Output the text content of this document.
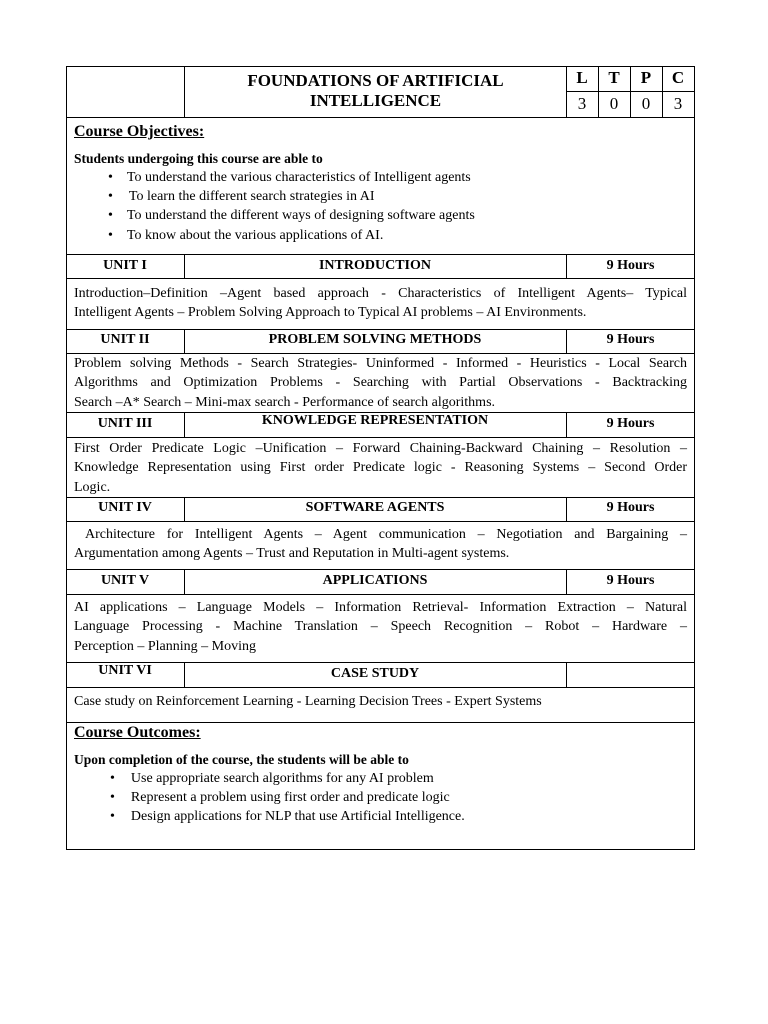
FOUNDATIONS OF ARTIFICIAL
INTELLIGENCE
L	T	P	C
3	0	0	3
Course Objectives:
Students undergoing this course are able to
• To understand the various characteristics of Intelligent agents
• To learn the different search strategies in AI
• To understand the different ways of designing software agents
• To know about the various applications of AI.
UNIT I	INTRODUCTION	9 Hours
Introduction–Definition –Agent based approach - Characteristics of Intelligent Agents– Typical
Intelligent Agents – Problem Solving Approach to Typical AI problems – AI Environments.
UNIT II	PROBLEM SOLVING METHODS	9 Hours
Problem solving Methods - Search Strategies- Uninformed - Informed - Heuristics - Local Search
Algorithms and Optimization Problems - Searching with Partial Observations - Backtracking
Search –A* Search – Mini-max search - Performance of search algorithms.
UNIT III	KNOWLEDGE REPRESENTATION	9 Hours
First Order Predicate Logic –Unification – Forward Chaining-Backward Chaining – Resolution –
Knowledge Representation using First order Predicate logic - Reasoning Systems – Second Order
Logic.
UNIT IV	SOFTWARE AGENTS	9 Hours
Architecture for Intelligent Agents – Agent communication – Negotiation and Bargaining –
Argumentation among Agents – Trust and Reputation in Multi-agent systems.
UNIT V	APPLICATIONS	9 Hours
AI applications – Language Models – Information Retrieval- Information Extraction – Natural
Language Processing - Machine Translation – Speech Recognition – Robot – Hardware –
Perception – Planning – Moving
UNIT VI	CASE STUDY
Case study on Reinforcement Learning - Learning Decision Trees - Expert Systems
Course Outcomes:
Upon completion of the course, the students will be able to
• Use appropriate search algorithms for any AI problem
• Represent a problem using first order and predicate logic
• Design applications for NLP that use Artificial Intelligence.
